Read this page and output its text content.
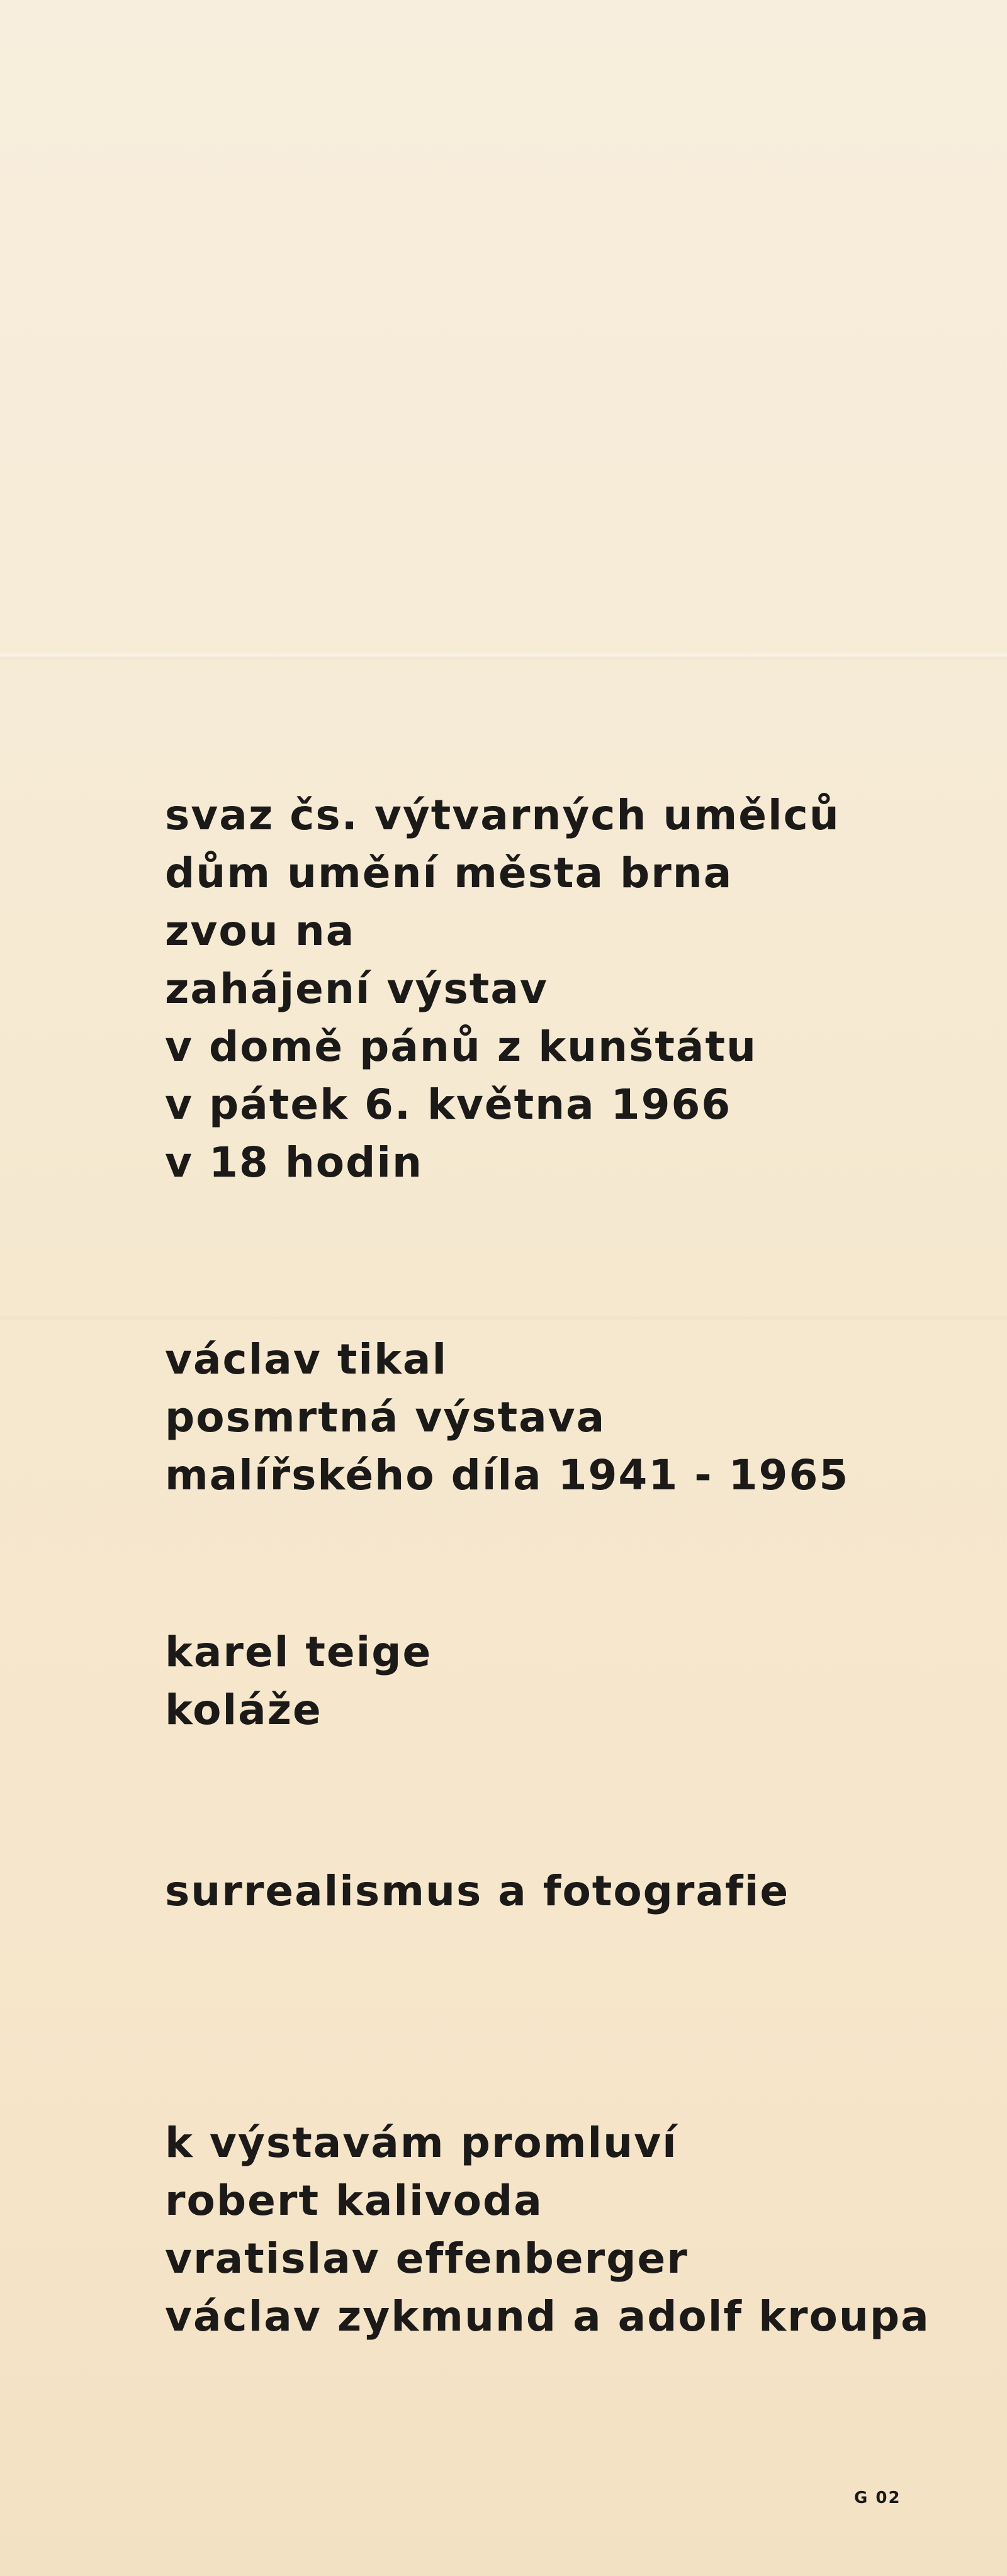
svaz čs. výtvarných umělců
dům umění města brna
zvou na
zahájení výstav
v domě pánů z kunštátu
v pátek 6. května 1966
v 18 hodin
václav tikal
posmrtná výstava
malířského díla 1941 - 1965
karel teige
koláže
surrealismus a fotografie
k výstavám promluví
robert kalivoda
vratislav effenberger
václav zykmund a adolf kroupa
G 02
